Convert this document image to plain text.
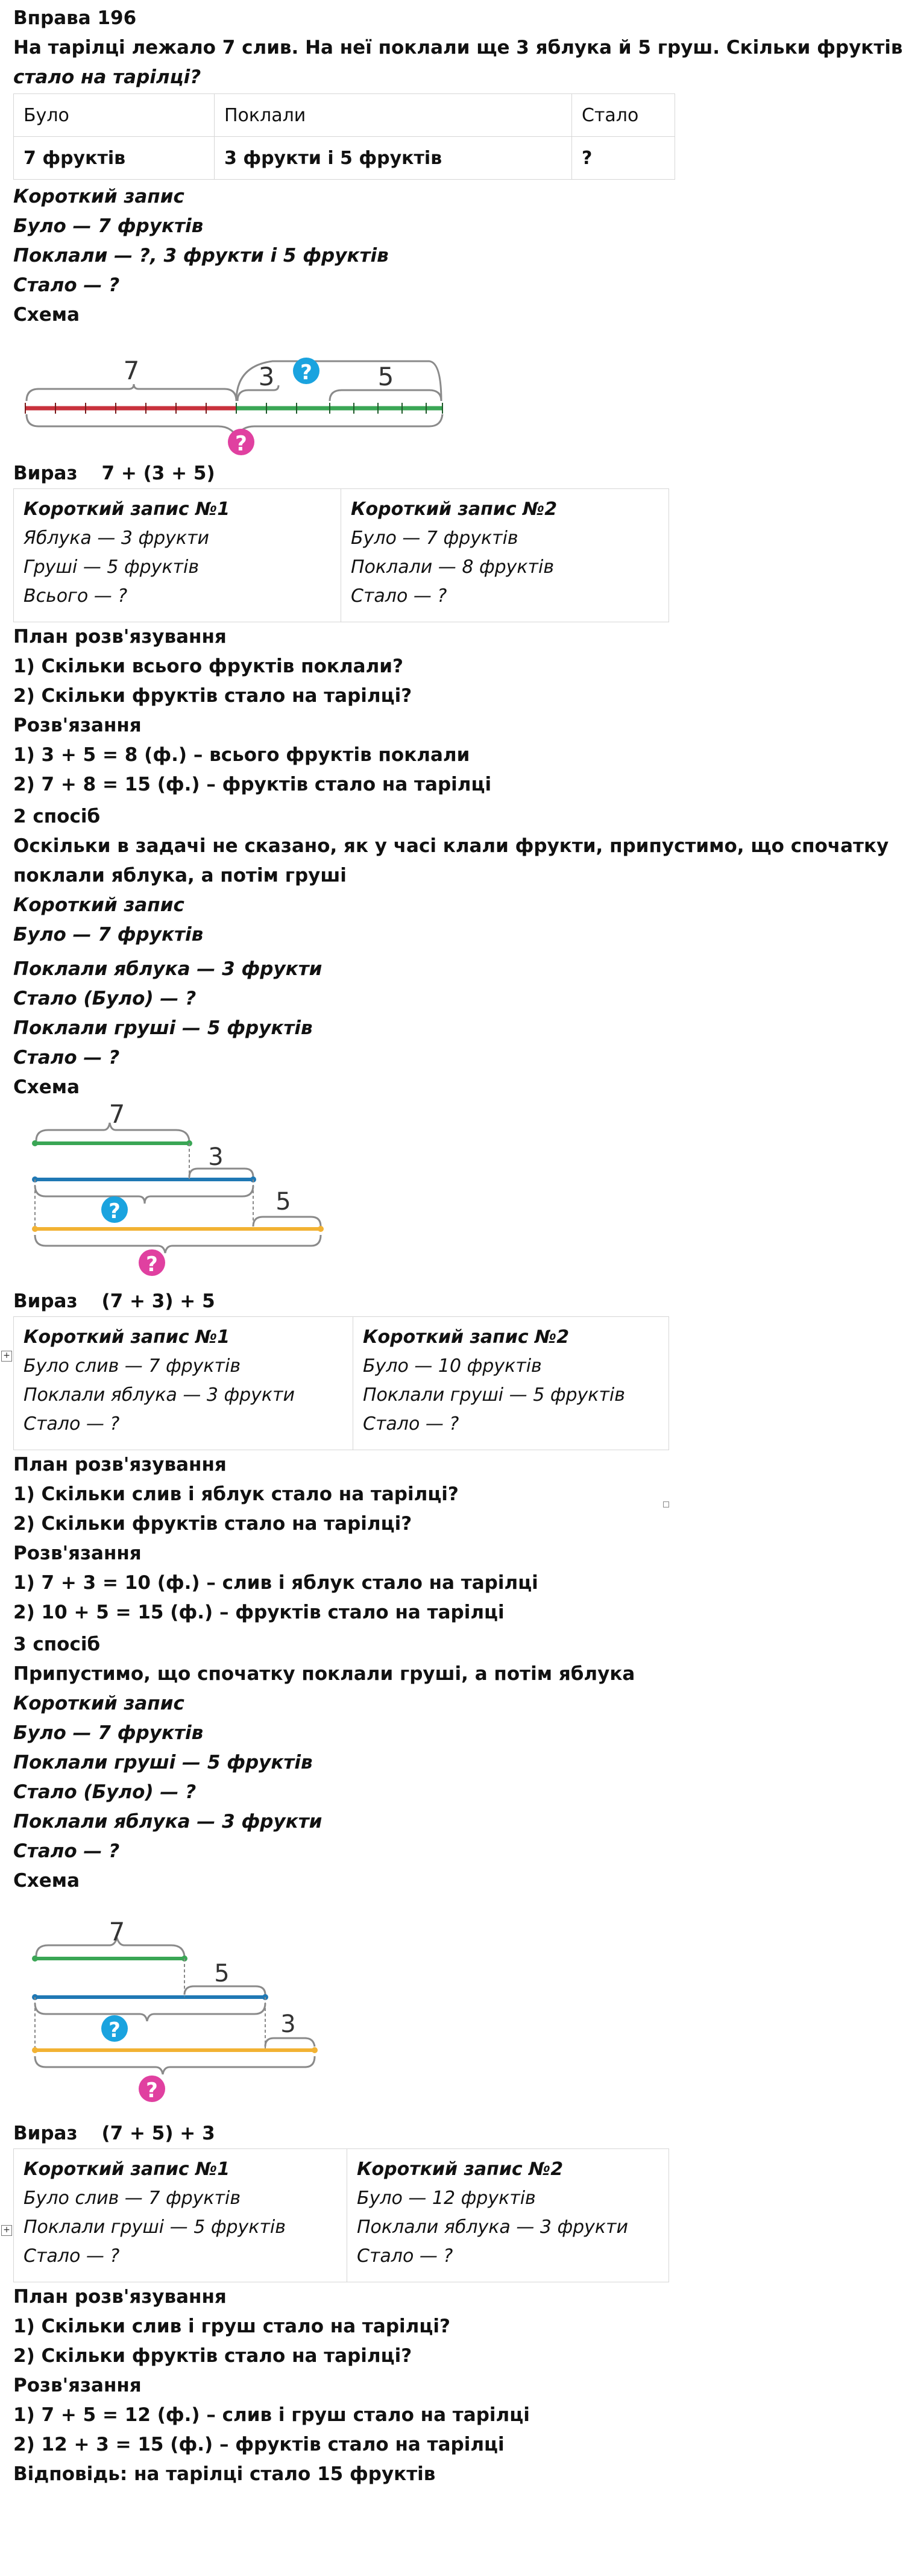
Вправа 196
На тарілці лежало 7 слив. На неї поклали ще 3 яблука й 5 груш. Скільки фруктів
стало на тарілці?
Було	Поклали	Стало
7 фруктів	3 фрукти і 5 фруктів	?
Короткий запис
Було — 7 фруктів
Поклали — ?, 3 фрукти і 5 фруктів
Стало — ?
Схема
7	3	5
?
?
Вираз 7 + (3 + 5)
Короткий запис №1
Яблука — 3 фрукти
Груші — 5 фруктів
Всього — ?

Короткий запис №2
Було — 7 фруктів
Поклали — 8 фруктів
Стало — ?
План розв'язування
1) Скільки всього фруктів поклали?
2) Скільки фруктів стало на тарілці?
Розв'язання
1) 3 + 5 = 8 (ф.) – всього фруктів поклали
2) 7 + 8 = 15 (ф.) – фруктів стало на тарілці
2 спосіб
Оскільки в задачі не сказано, як у часі клали фрукти, припустимо, що спочатку
поклали яблука, а потім груші
Короткий запис
Було — 7 фруктів
Поклали яблука — 3 фрукти
Стало (Було) — ?
Поклали груші — 5 фруктів
Стало — ?
Схема
7
3
?	5
?
Вираз (7 + 3) + 5
Короткий запис №1
Було слив — 7 фруктів
Поклали яблука — 3 фрукти
Стало — ?

Короткий запис №2
Було — 10 фруктів
Поклали груші — 5 фруктів
Стало — ?
План розв'язування
1) Скільки слив і яблук стало на тарілці?
2) Скільки фруктів стало на тарілці?
Розв'язання
1) 7 + 3 = 10 (ф.) – слив і яблук стало на тарілці
2) 10 + 5 = 15 (ф.) – фруктів стало на тарілці
3 спосіб
Припустимо, що спочатку поклали груші, а потім яблука
Короткий запис
Було — 7 фруктів
Поклали груші — 5 фруктів
Стало (Було) — ?
Поклали яблука — 3 фрукти
Стало — ?
Схема
7
5
?	3
?
Вираз (7 + 5) + 3
Короткий запис №1
Було слив — 7 фруктів
Поклали груші — 5 фруктів
Стало — ?

Короткий запис №2
Було — 12 фруктів
Поклали яблука — 3 фрукти
Стало — ?
План розв'язування
1) Скільки слив і груш стало на тарілці?
2) Скільки фруктів стало на тарілці?
Розв'язання
1) 7 + 5 = 12 (ф.) – слив і груш стало на тарілці
2) 12 + 3 = 15 (ф.) – фруктів стало на тарілці
Відповідь: на тарілці стало 15 фруктів
+
+
